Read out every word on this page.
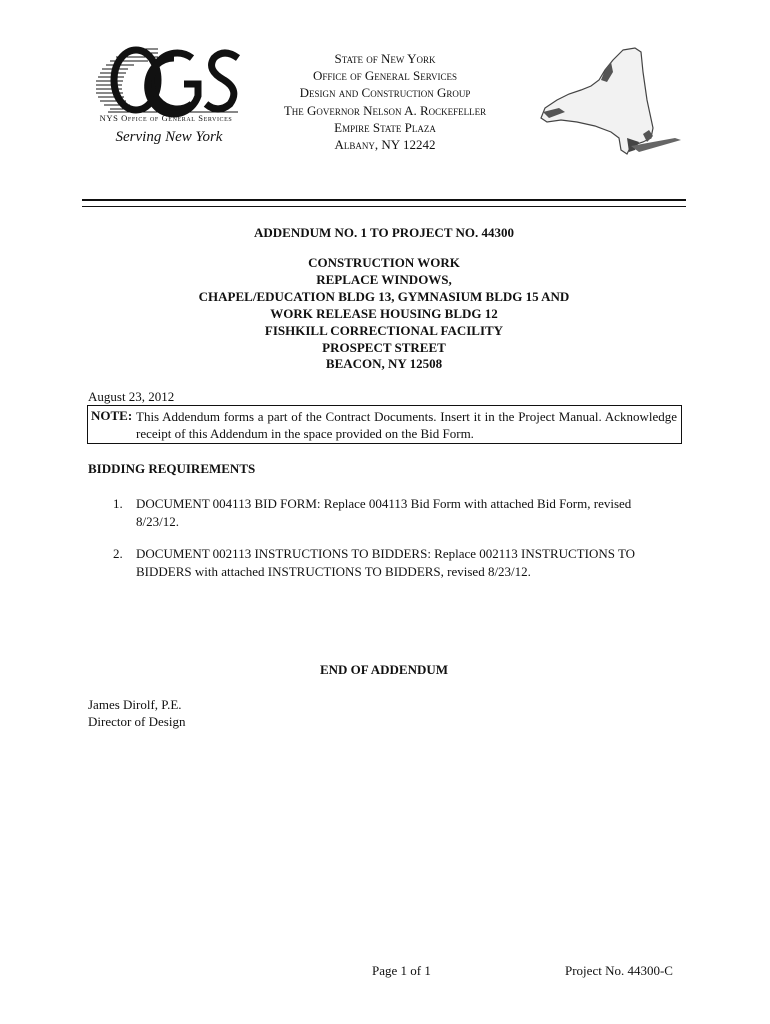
NYS Office of General Services
Serving New York
State of New York
Office of General Services
Design and Construction Group
The Governor Nelson A. Rockefeller
Empire State Plaza
Albany, NY 12242
ADDENDUM NO. 1 TO PROJECT NO. 44300
CONSTRUCTION WORK
REPLACE WINDOWS,
CHAPEL/EDUCATION BLDG 13, GYMNASIUM BLDG 15 AND
WORK RELEASE HOUSING BLDG 12
FISHKILL CORRECTIONAL FACILITY
PROSPECT STREET
BEACON, NY 12508
August 23, 2012
NOTE: This Addendum forms a part of the Contract Documents. Insert it in the Project Manual. Acknowledge receipt of this Addendum in the space provided on the Bid Form.
BIDDING REQUIREMENTS
1. DOCUMENT 004113 BID FORM: Replace 004113 Bid Form with attached Bid Form, revised 8/23/12.
2. DOCUMENT 002113 INSTRUCTIONS TO BIDDERS: Replace 002113 INSTRUCTIONS TO BIDDERS with attached INSTRUCTIONS TO BIDDERS, revised 8/23/12.
END OF ADDENDUM
James Dirolf, P.E.
Director of Design
Page 1 of 1	Project No. 44300-C
